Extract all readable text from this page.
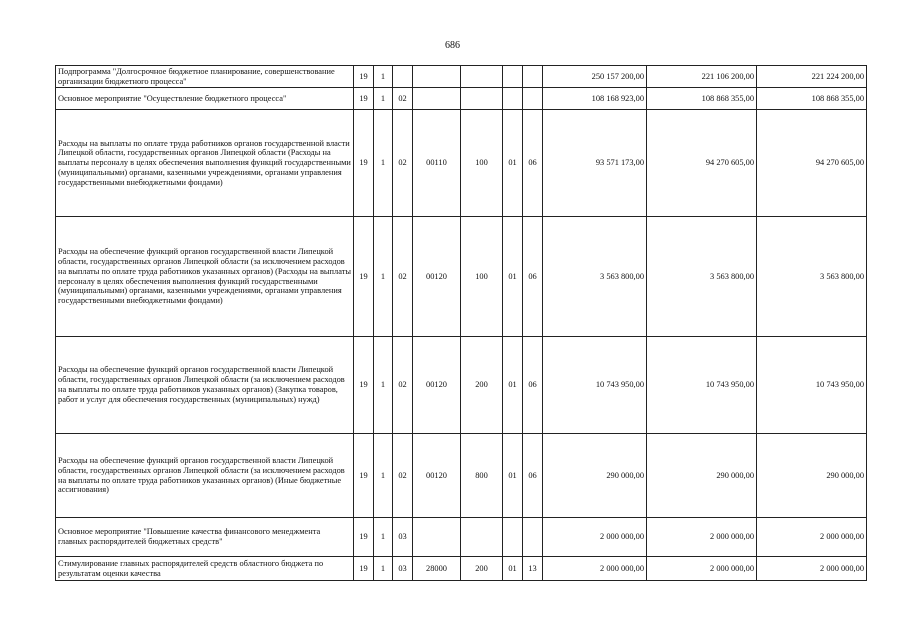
686
Подпрограмма "Долгосрочное бюджетное планирование, совершенствование организации бюджетного процесса"	19	1						250 157 200,00	221 106 200,00	221 224 200,00
Основное мероприятие "Осуществление бюджетного процесса"	19	1	02					108 168 923,00	108 868 355,00	108 868 355,00
Расходы на выплаты по оплате труда работников органов государственной власти Липецкой области, государственных органов Липецкой области (Расходы на выплаты персоналу в целях обеспечения выполнения функций государственными (муниципальными) органами, казенными учреждениями, органами управления государственными внебюджетными фондами)	19	1	02	00110	100	01	06	93 571 173,00	94 270 605,00	94 270 605,00
Расходы на обеспечение функций органов государственной власти Липецкой области, государственных органов Липецкой области (за исключением расходов на выплаты по оплате труда работников указанных органов) (Расходы на выплаты персоналу в целях обеспечения выполнения функций государственными (муниципальными) органами, казенными учреждениями, органами управления государственными внебюджетными фондами)	19	1	02	00120	100	01	06	3 563 800,00	3 563 800,00	3 563 800,00
Расходы на обеспечение функций органов государственной власти Липецкой области, государственных органов Липецкой области (за исключением расходов на выплаты по оплате труда работников указанных органов) (Закупка товаров, работ и услуг для обеспечения государственных (муниципальных) нужд)	19	1	02	00120	200	01	06	10 743 950,00	10 743 950,00	10 743 950,00
Расходы на обеспечение функций органов государственной власти Липецкой области, государственных органов Липецкой области (за исключением расходов на выплаты по оплате труда работников указанных органов) (Иные бюджетные ассигнования)	19	1	02	00120	800	01	06	290 000,00	290 000,00	290 000,00
Основное мероприятие "Повышение качества финансового менеджмента главных распорядителей бюджетных средств"	19	1	03					2 000 000,00	2 000 000,00	2 000 000,00
Стимулирование главных распорядителей средств областного бюджета по результатам оценки качества	19	1	03	28000	200	01	13	2 000 000,00	2 000 000,00	2 000 000,00
